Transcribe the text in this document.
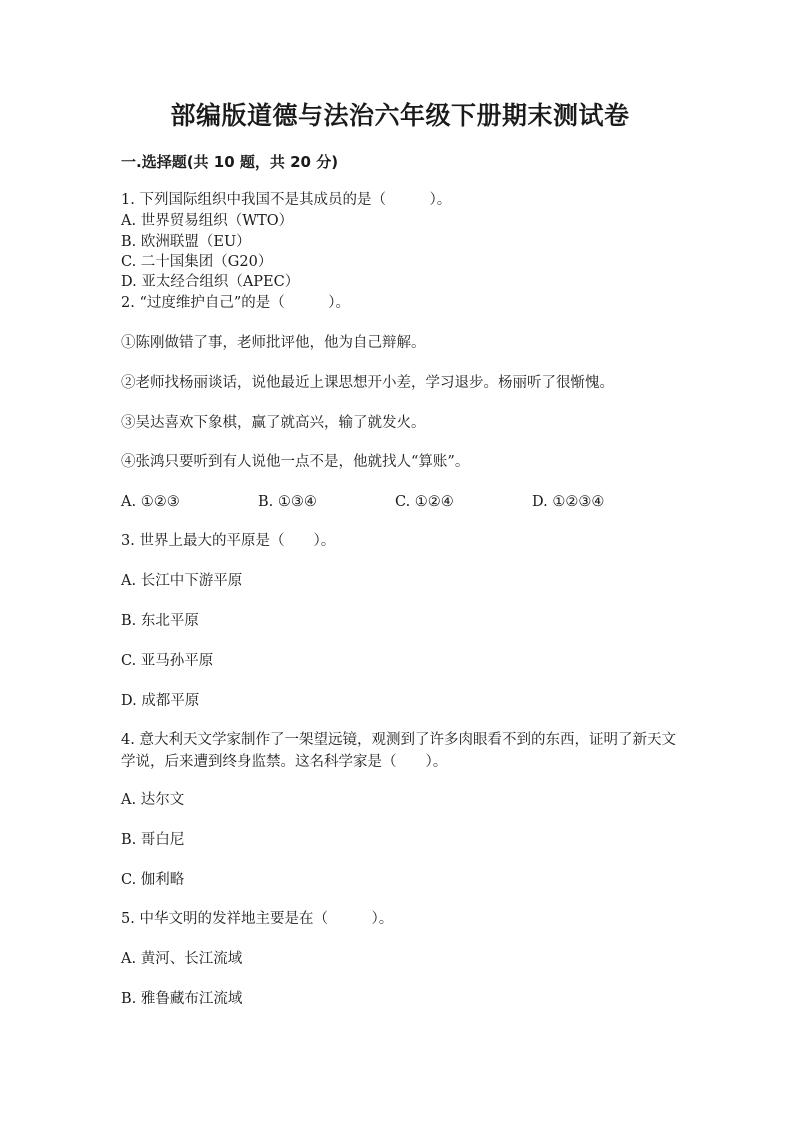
部编版道德与法治六年级下册期末测试卷
一.选择题(共 10 题，共 20 分)
1. 下列国际组织中我国不是其成员的是（　　　）。
A. 世界贸易组织（WTO）
B. 欧洲联盟（EU）
C. 二十国集团（G20）
D. 亚太经合组织（APEC）
2. “过度维护自己”的是（　　　）。
①陈刚做错了事，老师批评他，他为自己辩解。
②老师找杨丽谈话，说他最近上课思想开小差，学习退步。杨丽听了很惭愧。
③吴达喜欢下象棋，赢了就高兴，输了就发火。
④张鸿只要听到有人说他一点不是，他就找人“算账”。
A. ①②③	B. ①③④	C. ①②④	D. ①②③④
3. 世界上最大的平原是（　　）。
A. 长江中下游平原
B. 东北平原
C. 亚马孙平原
D. 成都平原
4. 意大利天文学家制作了一架望远镜，观测到了许多肉眼看不到的东西，证明了新天文学说，后来遭到终身监禁。这名科学家是（　　）。
A. 达尔文
B. 哥白尼
C. 伽利略
5. 中华文明的发祥地主要是在（　　　）。
A. 黄河、长江流域
B. 雅鲁藏布江流域
